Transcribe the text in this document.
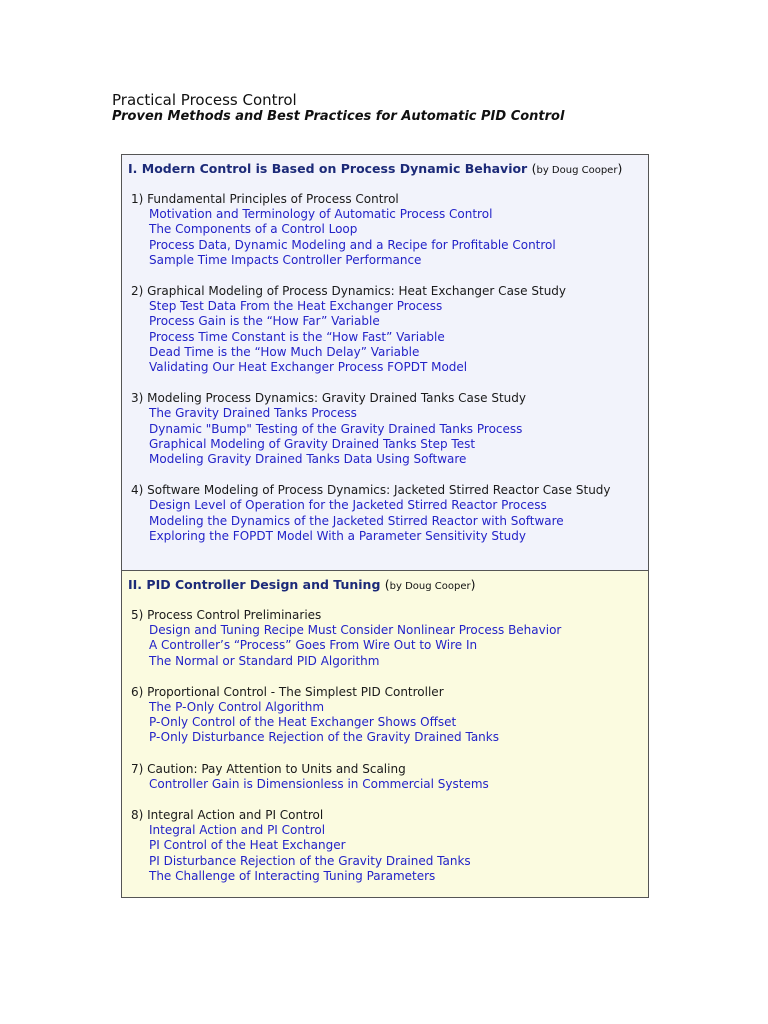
Practical Process Control
Proven Methods and Best Practices for Automatic PID Control
I. Modern Control is Based on Process Dynamic Behavior (by Doug Cooper)
1) Fundamental Principles of Process Control
Motivation and Terminology of Automatic Process Control
The Components of a Control Loop
Process Data, Dynamic Modeling and a Recipe for Profitable Control
Sample Time Impacts Controller Performance
2) Graphical Modeling of Process Dynamics: Heat Exchanger Case Study
Step Test Data From the Heat Exchanger Process
Process Gain is the “How Far” Variable
Process Time Constant is the “How Fast” Variable
Dead Time is the “How Much Delay” Variable
Validating Our Heat Exchanger Process FOPDT Model
3) Modeling Process Dynamics: Gravity Drained Tanks Case Study
The Gravity Drained Tanks Process
Dynamic "Bump" Testing of the Gravity Drained Tanks Process
Graphical Modeling of Gravity Drained Tanks Step Test
Modeling Gravity Drained Tanks Data Using Software
4) Software Modeling of Process Dynamics: Jacketed Stirred Reactor Case Study
Design Level of Operation for the Jacketed Stirred Reactor Process
Modeling the Dynamics of the Jacketed Stirred Reactor with Software
Exploring the FOPDT Model With a Parameter Sensitivity Study
II. PID Controller Design and Tuning (by Doug Cooper)
5) Process Control Preliminaries
Design and Tuning Recipe Must Consider Nonlinear Process Behavior
A Controller’s “Process” Goes From Wire Out to Wire In
The Normal or Standard PID Algorithm
6) Proportional Control - The Simplest PID Controller
The P-Only Control Algorithm
P-Only Control of the Heat Exchanger Shows Offset
P-Only Disturbance Rejection of the Gravity Drained Tanks
7) Caution: Pay Attention to Units and Scaling
Controller Gain is Dimensionless in Commercial Systems
8) Integral Action and PI Control
Integral Action and PI Control
PI Control of the Heat Exchanger
PI Disturbance Rejection of the Gravity Drained Tanks
The Challenge of Interacting Tuning Parameters
